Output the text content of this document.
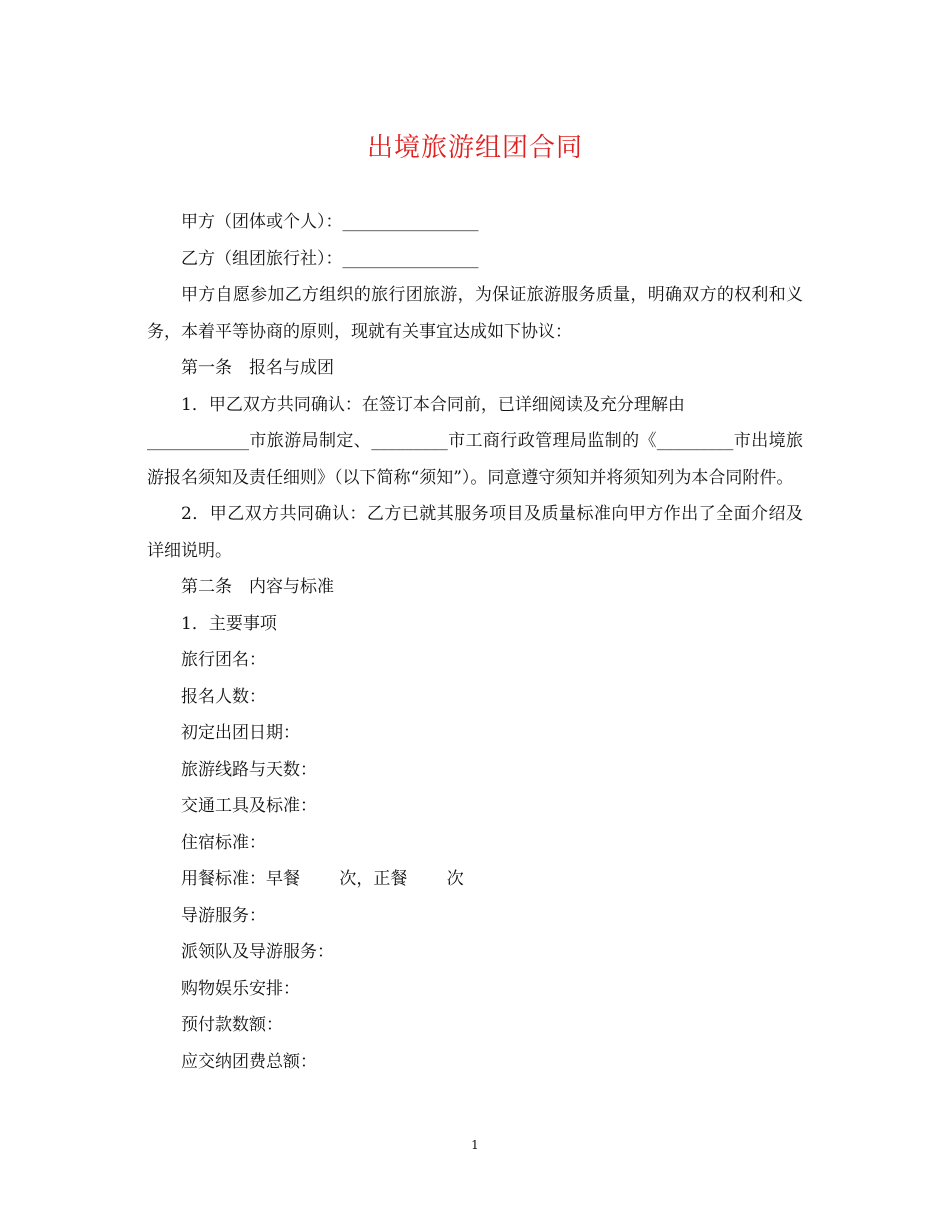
出境旅游组团合同

甲方（团体或个人）：________________

乙方（组团旅行社）：________________

甲方自愿参加乙方组织的旅行团旅游，为保证旅游服务质量，明确双方的权利和义务，本着平等协商的原则，现就有关事宜达成如下协议：

第一条　报名与成团

1．甲乙双方共同确认：在签订本合同前，已详细阅读及充分理解由

____________市旅游局制定、_________市工商行政管理局监制的《_________市出境旅游报名须知及责任细则》（以下简称“须知”）。同意遵守须知并将须知列为本合同附件。

2．甲乙双方共同确认：乙方已就其服务项目及质量标准向甲方作出了全面介绍及详细说明。

第二条　内容与标准

1．主要事项

旅行团名：

报名人数：

初定出团日期：

旅游线路与天数：

交通工具及标准：

住宿标准：

用餐标准：早餐　　 次，正餐　　 次

导游服务：

派领队及导游服务：

购物娱乐安排：

预付款数额：

应交纳团费总额：

1
